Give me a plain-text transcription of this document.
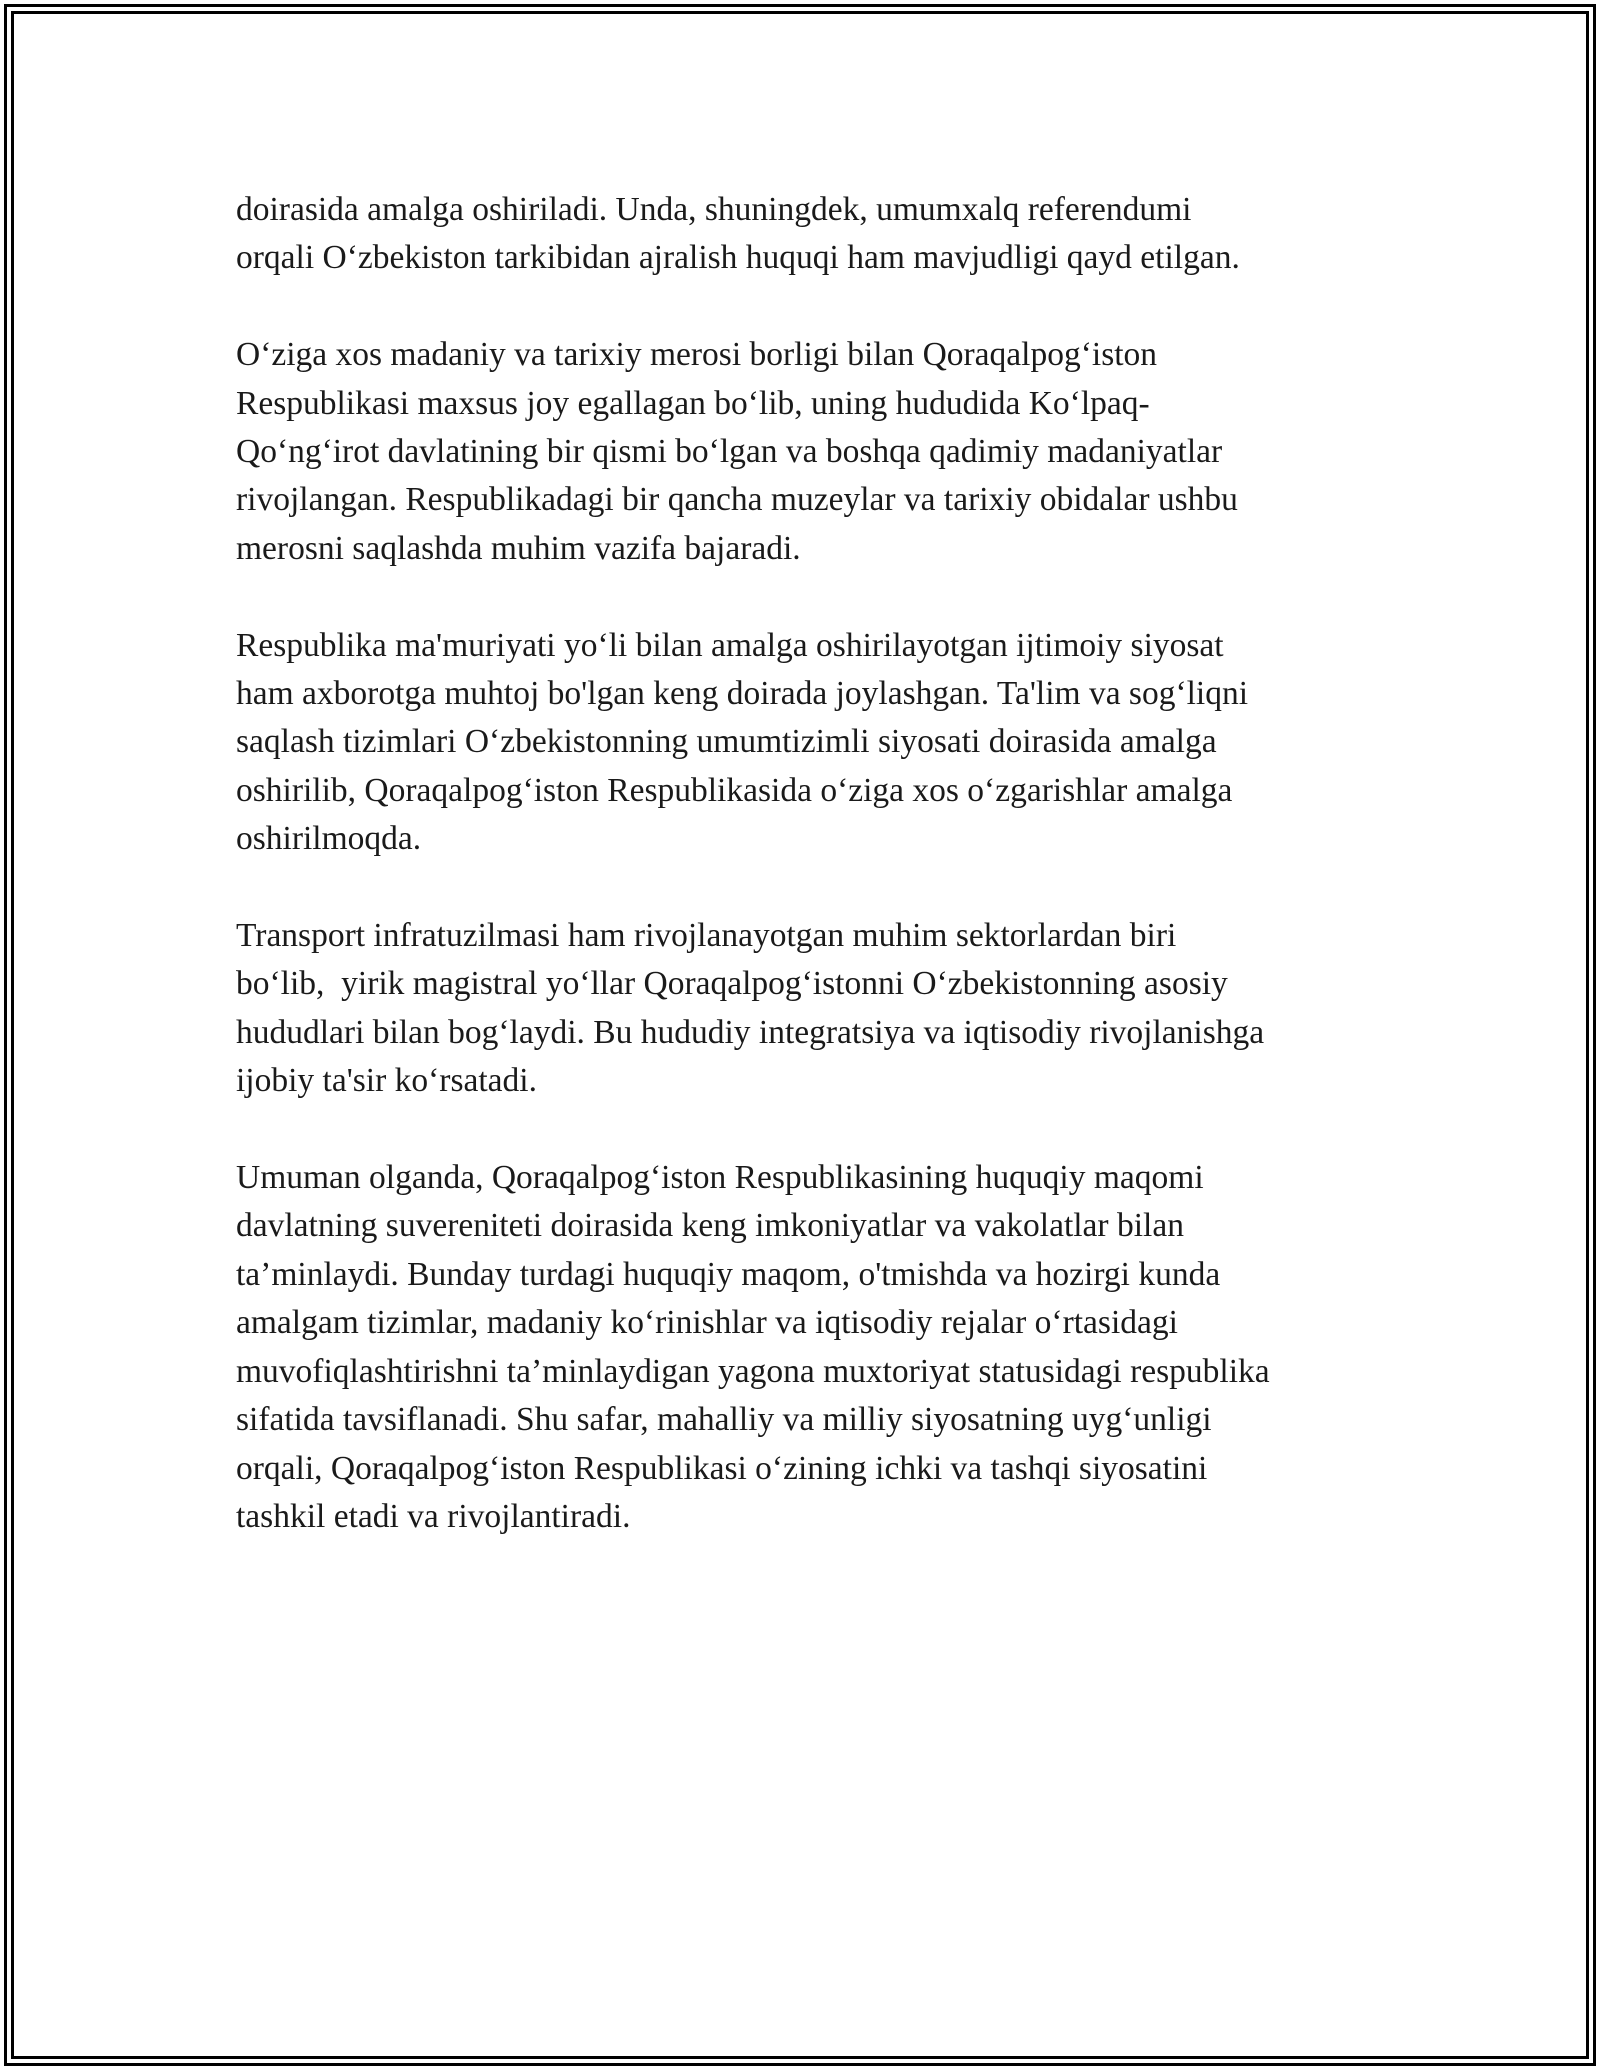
doirasida amalga oshiriladi. Unda, shuningdek, umumxalq referendumi
orqali O‘zbekiston tarkibidan ajralish huquqi ham mavjudligi qayd etilgan.

O‘ziga xos madaniy va tarixiy merosi borligi bilan Qoraqalpog‘iston
Respublikasi maxsus joy egallagan bo‘lib, uning hududida Ko‘lpaq-
Qo‘ng‘irot davlatining bir qismi bo‘lgan va boshqa qadimiy madaniyatlar
rivojlangan. Respublikadagi bir qancha muzeylar va tarixiy obidalar ushbu
merosni saqlashda muhim vazifa bajaradi.

Respublika ma'muriyati yo‘li bilan amalga oshirilayotgan ijtimoiy siyosat
ham axborotga muhtoj bo'lgan keng doirada joylashgan. Ta'lim va sog‘liqni
saqlash tizimlari O‘zbekistonning umumtizimli siyosati doirasida amalga
oshirilib, Qoraqalpog‘iston Respublikasida o‘ziga xos o‘zgarishlar amalga
oshirilmoqda.

Transport infratuzilmasi ham rivojlanayotgan muhim sektorlardan biri
bo‘lib,  yirik magistral yo‘llar Qoraqalpog‘istonni O‘zbekistonning asosiy
hududlari bilan bog‘laydi. Bu hududiy integratsiya va iqtisodiy rivojlanishga
ijobiy ta'sir ko‘rsatadi.

Umuman olganda, Qoraqalpog‘iston Respublikasining huquqiy maqomi
davlatning suvereniteti doirasida keng imkoniyatlar va vakolatlar bilan
ta’minlaydi. Bunday turdagi huquqiy maqom, o'tmishda va hozirgi kunda
amalgam tizimlar, madaniy ko‘rinishlar va iqtisodiy rejalar o‘rtasidagi
muvofiqlashtirishni ta’minlaydigan yagona muxtoriyat statusidagi respublika
sifatida tavsiflanadi. Shu safar, mahalliy va milliy siyosatning uyg‘unligi
orqali, Qoraqalpog‘iston Respublikasi o‘zining ichki va tashqi siyosatini
tashkil etadi va rivojlantiradi.
